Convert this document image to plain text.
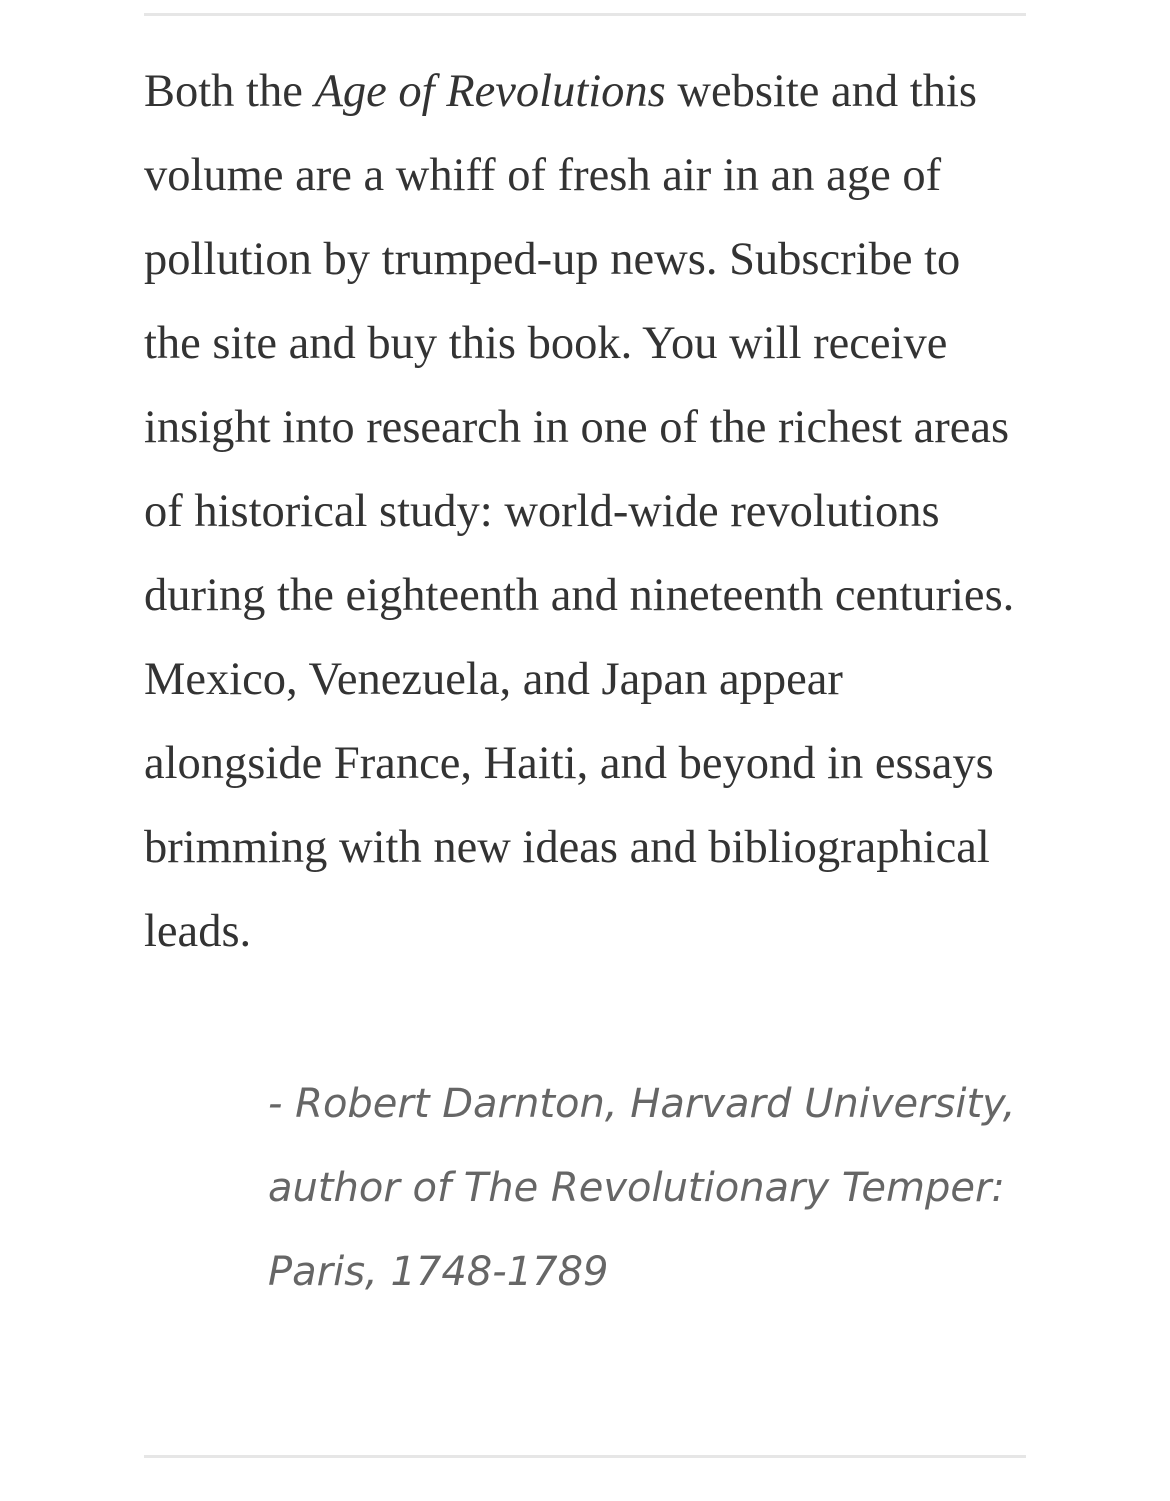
Both the Age of Revolutions website and this volume are a whiff of fresh air in an age of pollution by trumped-up news. Subscribe to the site and buy this book. You will receive insight into research in one of the richest areas of historical study: world-wide revolutions during the eighteenth and nineteenth centuries. Mexico, Venezuela, and Japan appear alongside France, Haiti, and beyond in essays brimming with new ideas and bibliographical leads.

- Robert Darnton, Harvard University, author of The Revolutionary Temper: Paris, 1748-1789
